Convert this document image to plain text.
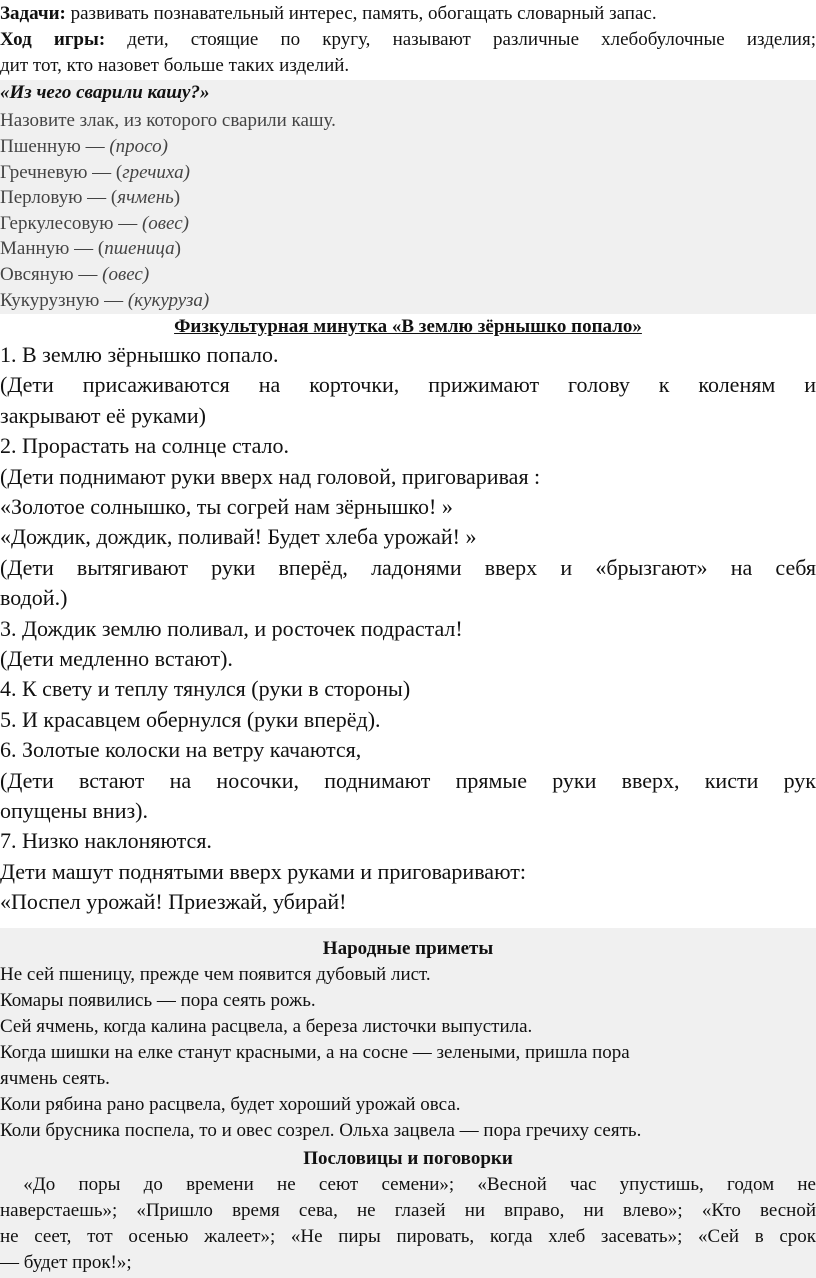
Задачи: развивать познавательный интерес, память, обогащать словарный запас.
Ход игры: дети, стоящие по кругу, называют различные хлебобулочные изделия;
дит тот, кто назовет больше таких изделий.
«Из чего сварили кашу?»
Назовите злак, из которого сварили кашу.
Пшенную — (просо)
Гречневую — (гречиха)
Перловую — (ячмень)
Геркулесовую — (овес)
Манную — (пшеница)
Овсяную — (овес)
Кукурузную — (кукуруза)
Физкультурная минутка «В землю зёрнышко попало»
1. В землю зёрнышко попало.
(Дети присаживаются на корточки, прижимают голову к коленям и
закрывают её руками)
2. Прорастать на солнце стало.
(Дети поднимают руки вверх над головой, приговаривая :
«Золотое солнышко, ты согрей нам зёрнышко! »
«Дождик, дождик, поливай! Будет хлеба урожай! »
(Дети вытягивают руки вперёд, ладонями вверх и «брызгают» на себя
водой.)
3. Дождик землю поливал, и росточек подрастал!
(Дети медленно встают).
4. К свету и теплу тянулся (руки в стороны)
5. И красавцем обернулся (руки вперёд).
6. Золотые колоски на ветру качаются,
(Дети встают на носочки, поднимают прямые руки вверх, кисти рук
опущены вниз).
7. Низко наклоняются.
Дети машут поднятыми вверх руками и приговаривают:
«Поспел урожай! Приезжай, убирай!
Народные приметы
Не сей пшеницу, прежде чем появится дубовый лист.
Комары появились — пора сеять рожь.
Сей ячмень, когда калина расцвела, а береза листочки выпустила.
Когда шишки на елке станут красными, а на сосне — зелеными, пришла пора
ячмень сеять.
Коли рябина рано расцвела, будет хороший урожай овса.
Коли брусника поспела, то и овес созрел. Ольха зацвела — пора гречиху сеять.
Пословицы и поговорки
«До поры до времени не сеют семени»; «Весной час упустишь, годом не
наверстаешь»; «Пришло время сева, не глазей ни вправо, ни влево»; «Кто весной
не сеет, тот осенью жалеет»; «Не пиры пировать, когда хлеб засевать»; «Сей в срок
— будет прок!»;
